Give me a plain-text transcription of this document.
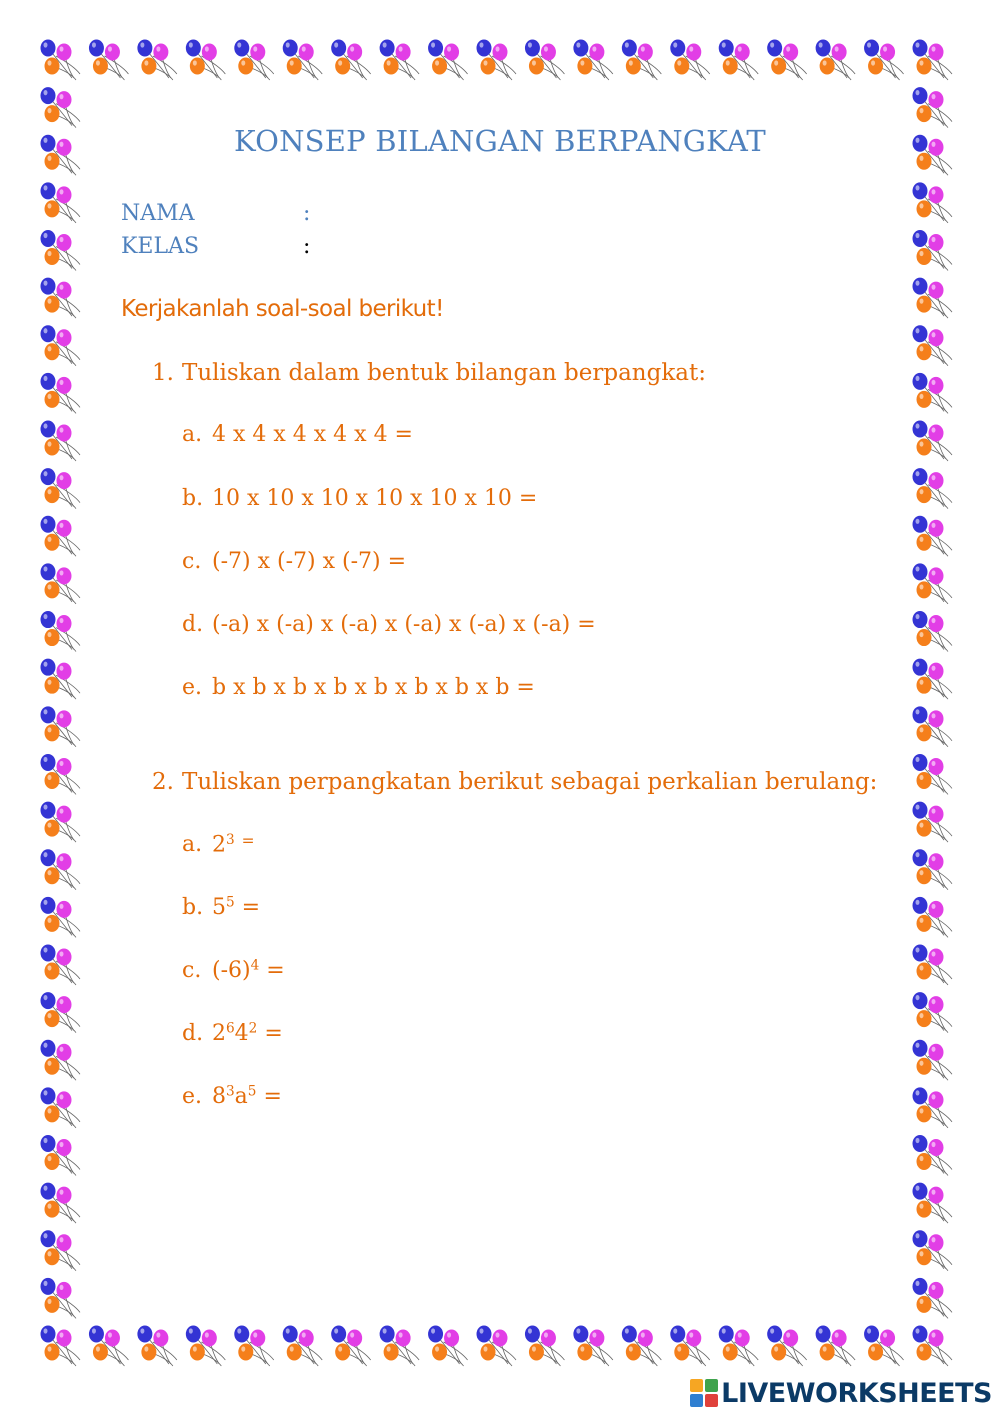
KONSEP BILANGAN BERPANGKAT
NAMA	:
KELAS	:
Kerjakanlah soal-soal berikut!
1. Tuliskan dalam bentuk bilangan berpangkat:
a. 4 x 4 x 4 x 4 x 4 =
b. 10 x 10 x 10 x 10 x 10 x 10 =
c. (-7) x (-7) x (-7) =
d. (-a) x (-a) x (-a) x (-a) x (-a) x (-a) =
e. b x b x b x b x b x b x b x b =
2. Tuliskan perpangkatan berikut sebagai perkalian berulang:
a. $2^3$ =
b. $5^5$ =
c. $(-6)^4$ =
d. $2^64^2$ =
e. $8^3a^5$ =
LIVEWORKSHEETS
